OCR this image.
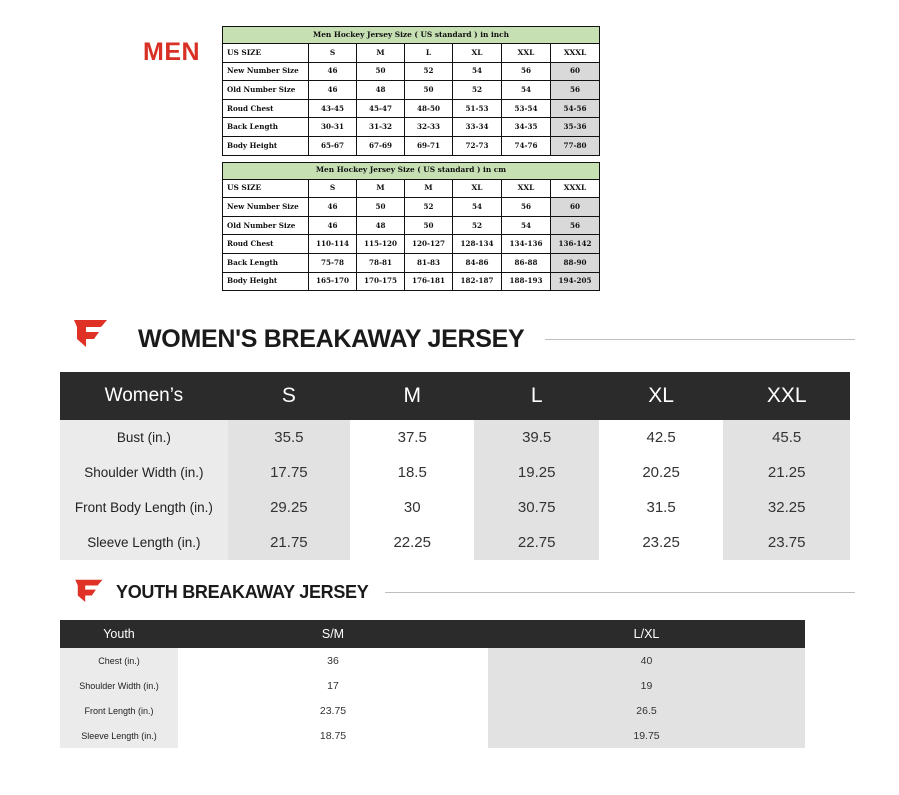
MEN
Men Hockey Jersey Size ( US standard ) in inch						
US SIZE	S	M	L	XL	XXL	XXXL
New Number Size	46	50	52	54	56	60
Old Number Size	46	48	50	52	54	56
Roud Chest	43-45	45-47	48-50	51-53	53-54	54-56
Back Length	30-31	31-32	32-33	33-34	34-35	35-36
Body Height	65-67	67-69	69-71	72-73	74-76	77-80
Men Hockey Jersey Size ( US standard ) in cm						
US SIZE	S	M	M	XL	XXL	XXXL
New Number Size	46	50	52	54	56	60
Old Number Size	46	48	50	52	54	56
Roud Chest	110-114	115-120	120-127	128-134	134-136	136-142
Back Length	75-78	78-81	81-83	84-86	86-88	88-90
Body Height	165-170	170-175	176-181	182-187	188-193	194-205
WOMEN'S BREAKAWAY JERSEY
Women’s	S	M	L	XL	XXL
Bust (in.)	35.5	37.5	39.5	42.5	45.5
Shoulder Width (in.)	17.75	18.5	19.25	20.25	21.25
Front Body Length (in.)	29.25	30	30.75	31.5	32.25
Sleeve Length (in.)	21.75	22.25	22.75	23.25	23.75
YOUTH BREAKAWAY JERSEY
Youth	S/M	L/XL
Chest (in.)	36	40
Shoulder Width (in.)	17	19
Front Length (in.)	23.75	26.5
Sleeve Length (in.)	18.75	19.75
